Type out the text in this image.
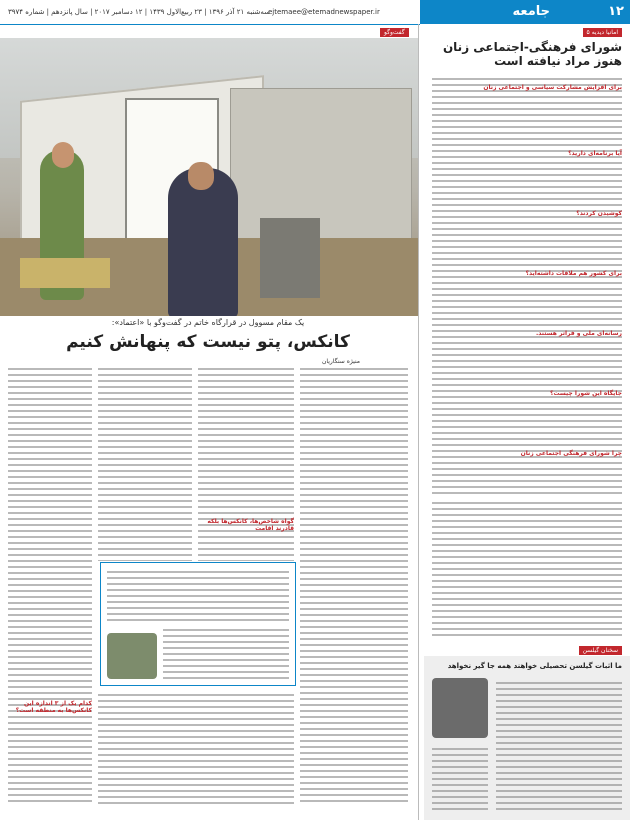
۱۲
جامعه
ejtemaee@etemadnewspaper.ir
سه‌شنبه ۲۱ آذر ۱۳۹۶ | ۲۳ ربیع‌الاول ۱۴۳۹ | ۱۲ دسامبر ۲۰۱۷ | سال پانزدهم | شماره ۳۹۷۴
گفت‌وگو
یک مقام مسوول در قرارگاه خاتم در گفت‌وگو با «اعتماد»:
کانکس، پتو نیست که پنهانش کنیم
منیژه سنگاریان
گواه شاخص‌ها، کانکس‌ها بلکه قادرند اقامت
کدام یک از ۳ اندازه این کانکس‌ها به منطقه است؟
امانیا دیدیه ۵
شورای فرهنگی-اجتماعی زنان هنوز مراد نیافته است
برای افزایش مشارکت سیاسی و اجتماعی زنان
آیا برنامه‌ای دارید؟
کوشیدن کردند؟
برای کشور هم ملاقات داشته‌اید؟
رسانه‌ای ملی و فراتر هستند.
جایگاه این شورا چیست؟
چرا شورای فرهنگی اجتماعی زنان
سخنان گیلسن
ما اثبات گیلسن تحصیلی خواهند همه جا گیر نخواهد
